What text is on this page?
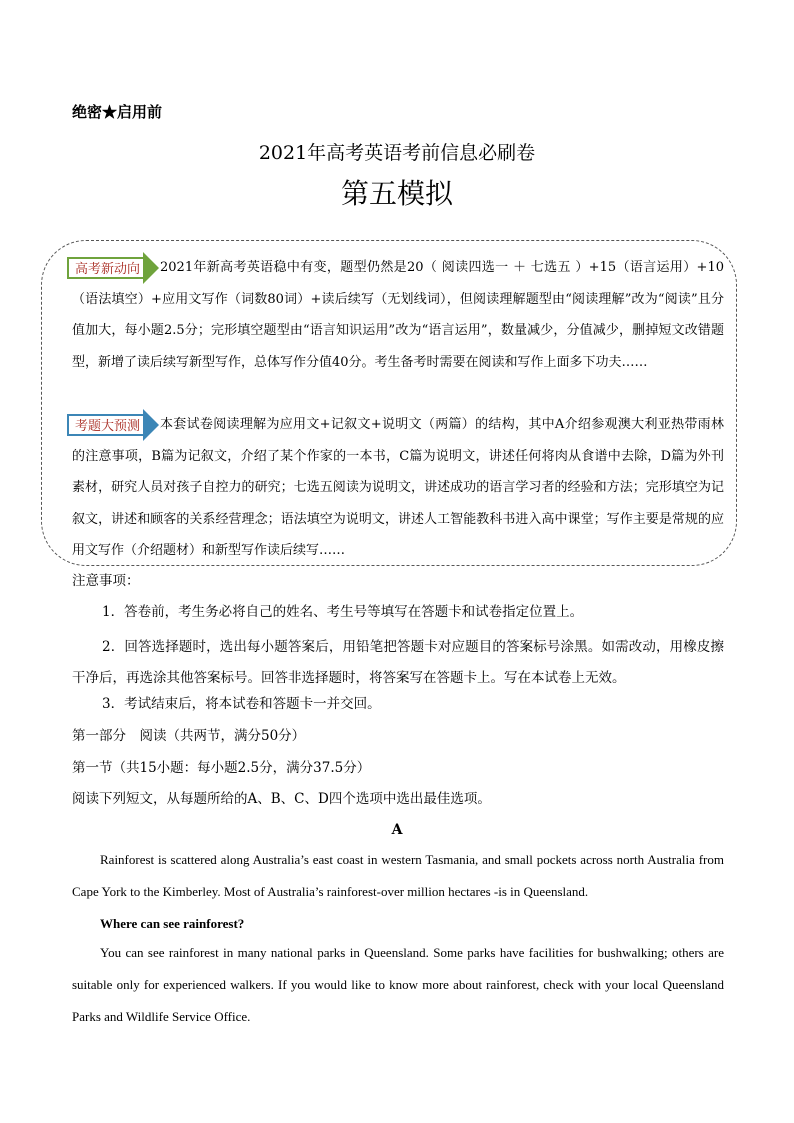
绝密★启用前
2021年高考英语考前信息必刷卷
第五模拟
2021年新高考英语稳中有变，题型仍然是20（ 阅读四选一 ＋ 七选五 ）+15（语言运用）+10（语法填空）+应用文写作（词数80词）+读后续写（无划线词），但阅读理解题型由“阅读理解”改为“阅读”且分值加大，每小题2.5分；完形填空题型由“语言知识运用”改为“语言运用”，数量减少，分值减少，删掉短文改错题型，新增了读后续写新型写作，总体写作分值40分。考生备考时需要在阅读和写作上面多下功夫……
本套试卷阅读理解为应用文+记叙文+说明文（两篇）的结构，其中A介绍参观澳大利亚热带雨林的注意事项，B篇为记叙文，介绍了某个作家的一本书，C篇为说明文，讲述任何将肉从食谱中去除，D篇为外刊素材，研究人员对孩子自控力的研究；七选五阅读为说明文，讲述成功的语言学习者的经验和方法；完形填空为记叙文，讲述和顾客的关系经营理念；语法填空为说明文，讲述人工智能教科书进入高中课堂；写作主要是常规的应用文写作（介绍题材）和新型写作读后续写……
高考新动向
考题大预测
注意事项：
1．答卷前，考生务必将自己的姓名、考生号等填写在答题卡和试卷指定位置上。
2．回答选择题时，选出每小题答案后，用铅笔把答题卡对应题目的答案标号涂黑。如需改动，用橡皮擦干净后，再选涂其他答案标号。回答非选择题时，将答案写在答题卡上。写在本试卷上无效。
3．考试结束后，将本试卷和答题卡一并交回。
第一部分　阅读（共两节，满分50分）
第一节（共15小题：每小题2.5分，满分37.5分）
阅读下列短文，从每题所给的A、B、C、D四个选项中选出最佳选项。
A
Rainforest is scattered along Australia’s east coast in western Tasmania, and small pockets across north Australia from Cape York to the Kimberley. Most of Australia’s rainforest-over million hectares -is in Queensland.
Where can see rainforest?
You can see rainforest in many national parks in Queensland. Some parks have facilities for bushwalking; others are suitable only for experienced walkers. If you would like to know more about rainforest, check with your local Queensland Parks and Wildlife Service Office.
